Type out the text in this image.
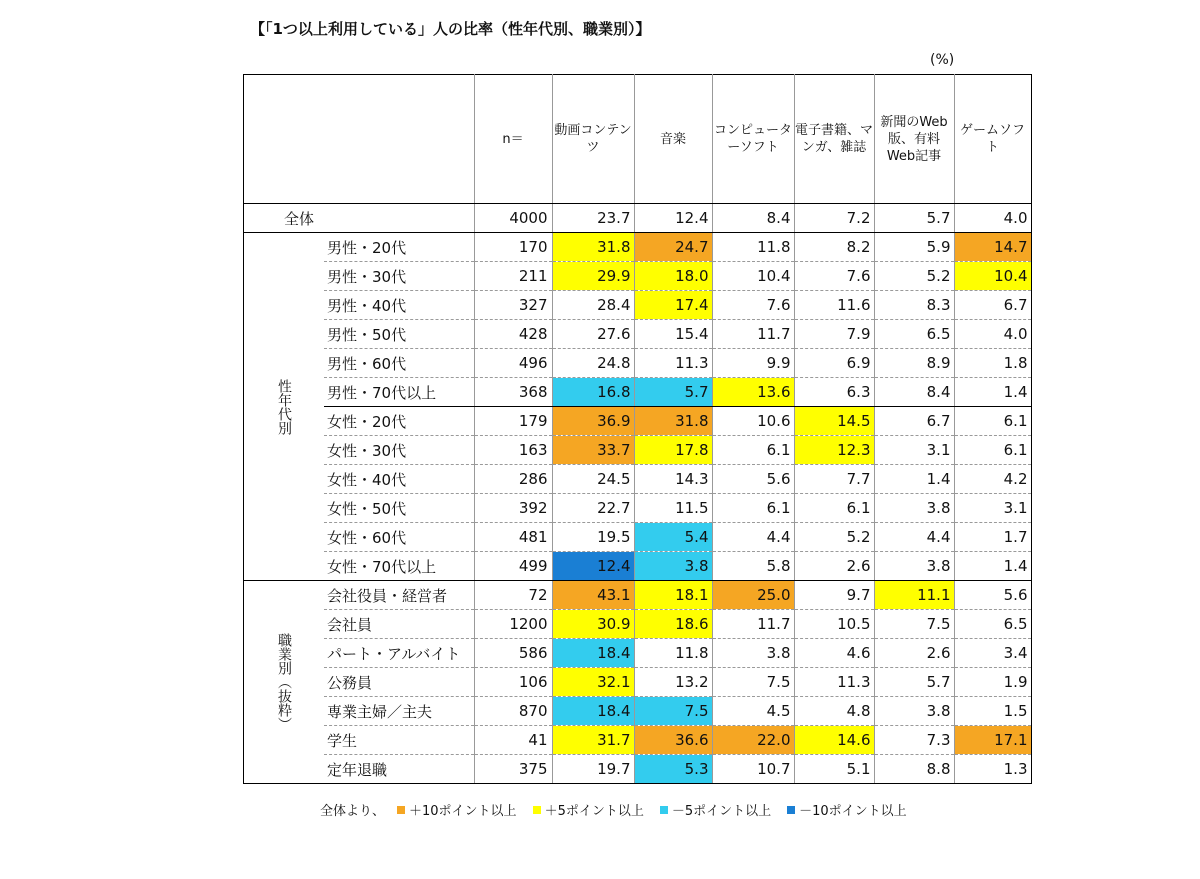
【「1つ以上利用している」人の比率（性年代別、職業別）】
(%)
		n＝	動画コンテンツ	音楽	コンピューターソフト	電子書籍、マンガ、雑誌	新聞のWeb版、有料Web記事	ゲームソフト
全体		4000	23.7	12.4	8.4	7.2	5.7	4.0
性年代別	男性・20代	170	31.8	24.7	11.8	8.2	5.9	14.7
	男性・30代	211	29.9	18.0	10.4	7.6	5.2	10.4
	男性・40代	327	28.4	17.4	7.6	11.6	8.3	6.7
	男性・50代	428	27.6	15.4	11.7	7.9	6.5	4.0
	男性・60代	496	24.8	11.3	9.9	6.9	8.9	1.8
	男性・70代以上	368	16.8	5.7	13.6	6.3	8.4	1.4
	女性・20代	179	36.9	31.8	10.6	14.5	6.7	6.1
	女性・30代	163	33.7	17.8	6.1	12.3	3.1	6.1
	女性・40代	286	24.5	14.3	5.6	7.7	1.4	4.2
	女性・50代	392	22.7	11.5	6.1	6.1	3.8	3.1
	女性・60代	481	19.5	5.4	4.4	5.2	4.4	1.7
	女性・70代以上	499	12.4	3.8	5.8	2.6	3.8	1.4
職業別（抜粋）	会社役員・経営者	72	43.1	18.1	25.0	9.7	11.1	5.6
	会社員	1200	30.9	18.6	11.7	10.5	7.5	6.5
	パート・アルバイト	586	18.4	11.8	3.8	4.6	2.6	3.4
	公務員	106	32.1	13.2	7.5	11.3	5.7	1.9
	専業主婦／主夫	870	18.4	7.5	4.5	4.8	3.8	1.5
	学生	41	31.7	36.6	22.0	14.6	7.3	17.1
	定年退職	375	19.7	5.3	10.7	5.1	8.8	1.3
全体より、 ＋10ポイント以上 ＋5ポイント以上 －5ポイント以上 －10ポイント以上
